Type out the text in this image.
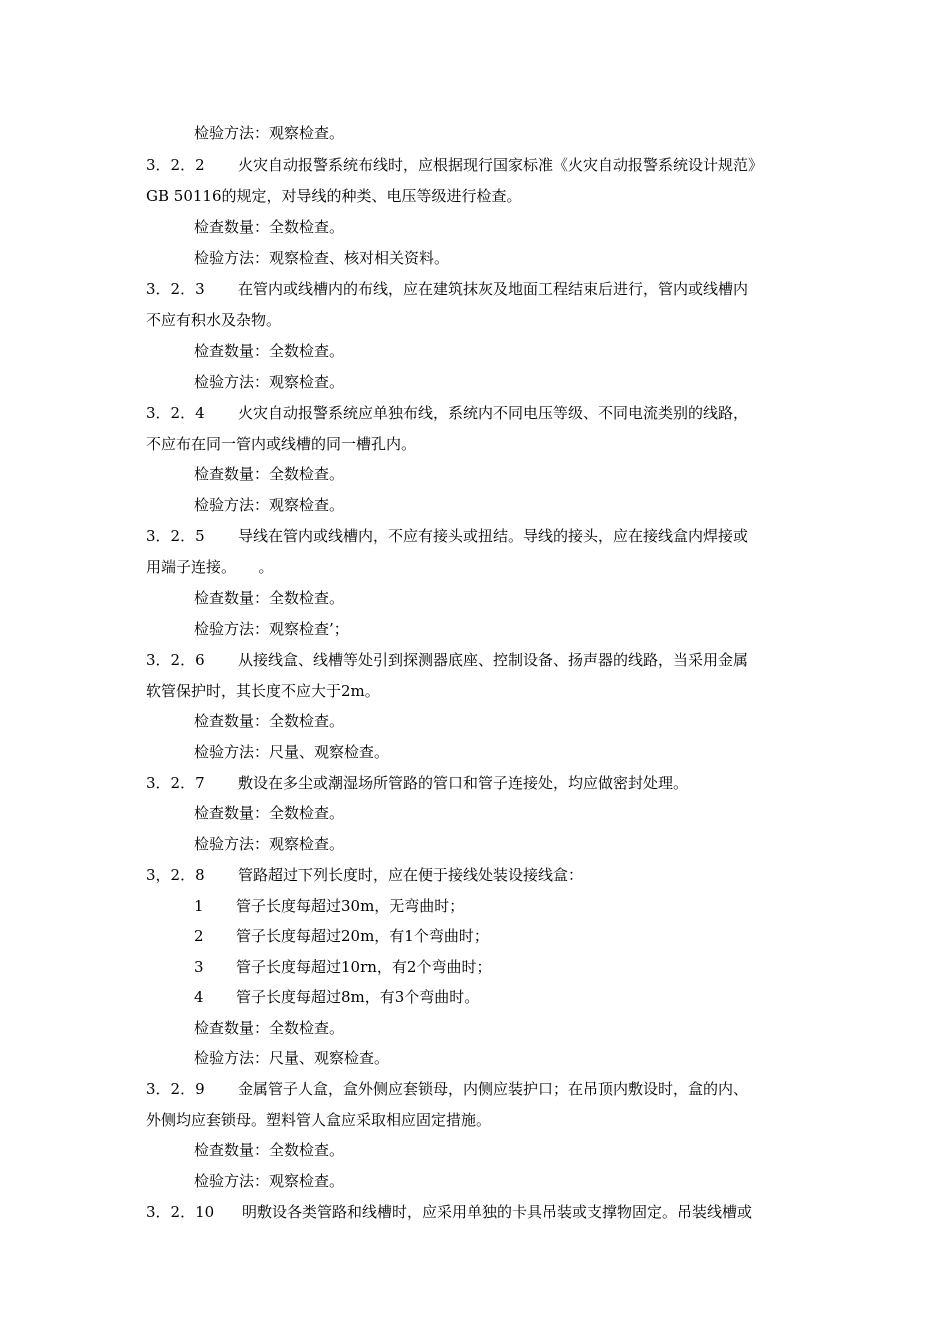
检验方法：观察检查。
3．2．2 火灾自动报警系统布线时，应根据现行国家标准《火灾自动报警系统设计规范》
GB 50116的规定，对导线的种类、电压等级进行检查。
检查数量：全数检查。
检验方法：观察检查、核对相关资料。
3．2．3 在管内或线槽内的布线，应在建筑抹灰及地面工程结束后进行，管内或线槽内
不应有积水及杂物。
检查数量：全数检查。
检验方法：观察检查。
3．2．4 火灾自动报警系统应单独布线，系统内不同电压等级、不同电流类别的线路，
不应布在同一管内或线槽的同一槽孔内。
检查数量：全数检查。
检验方法：观察检查。
3．2．5 导线在管内或线槽内，不应有接头或扭结。导线的接头，应在接线盒内焊接或
用端子连接。　　。
检查数量：全数检查。
检验方法：观察检查’；
3．2．6 从接线盒、线槽等处引到探测器底座、控制设备、扬声器的线路，当采用金属
软管保护时，其长度不应大于2m。
检查数量：全数检查。
检验方法：尺量、观察检查。
3．2．7 敷设在多尘或潮湿场所管路的管口和管子连接处，均应做密封处理。
检查数量：全数检查。
检验方法：观察检查。
3，2．8 管路超过下列长度时，应在便于接线处装设接线盒：
1 管子长度每超过30m，无弯曲时；
2 管子长度每超过20m，有1个弯曲时；
3 管子长度每超过10rn，有2个弯曲时；
4 管子长度每超过8m，有3个弯曲时。
检查数量：全数检查。
检验方法：尺量、观察检查。
3．2．9 金属管子人盒，盒外侧应套锁母，内侧应装护口；在吊顶内敷设时，盒的内、
外侧均应套锁母。塑料管人盒应采取相应固定措施。
检查数量：全数检查。
检验方法：观察检查。
3．2．10 明敷设各类管路和线槽时，应采用单独的卡具吊装或支撑物固定。吊装线槽或
